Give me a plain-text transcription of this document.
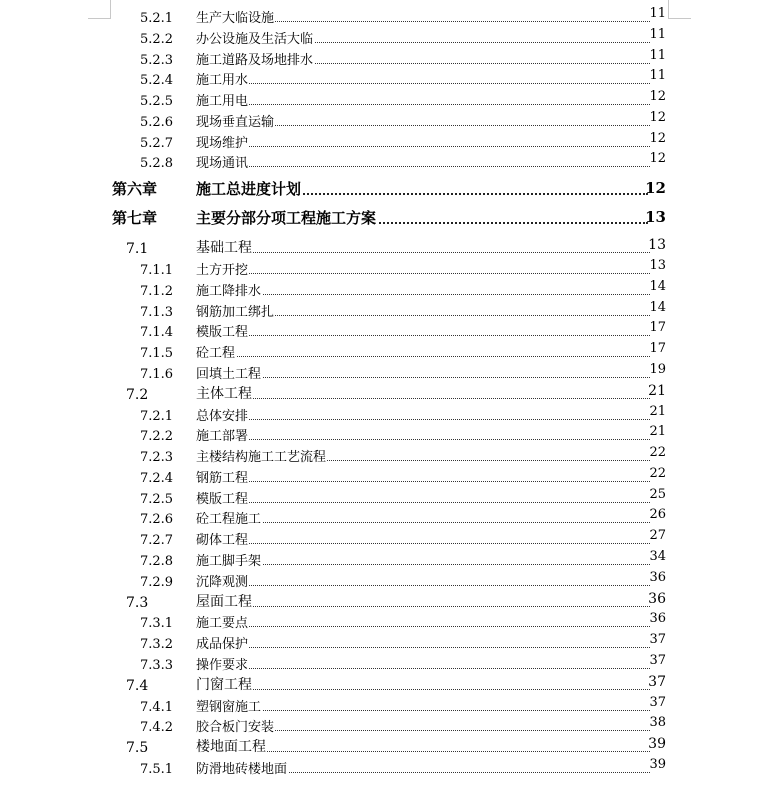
5.2.1 生产大临设施	11
5.2.2 办公设施及生活大临	11
5.2.3 施工道路及场地排水	11
5.2.4 施工用水	11
5.2.5 施工用电	12
5.2.6 现场垂直运输	12
5.2.7 现场维护	12
5.2.8 现场通讯	12
第六章	施工总进度计划	12
第七章	主要分部分项工程施工方案	13
7.1	基础工程	13
7.1.1 土方开挖	13
7.1.2 施工降排水	14
7.1.3 钢筋加工绑扎	14
7.1.4 模版工程	17
7.1.5 砼工程	17
7.1.6 回填土工程	19
7.2	主体工程	21
7.2.1 总体安排	21
7.2.2 施工部署	21
7.2.3 主楼结构施工工艺流程	22
7.2.4 钢筋工程	22
7.2.5 模版工程	25
7.2.6 砼工程施工	26
7.2.7 砌体工程	27
7.2.8 施工脚手架	34
7.2.9 沉降观测	36
7.3	屋面工程	36
7.3.1 施工要点	36
7.3.2 成品保护	37
7.3.3 操作要求	37
7.4	门窗工程	37
7.4.1 塑钢窗施工	37
7.4.2 胶合板门安装	38
7.5	楼地面工程	39
7.5.1 防滑地砖楼地面	39
